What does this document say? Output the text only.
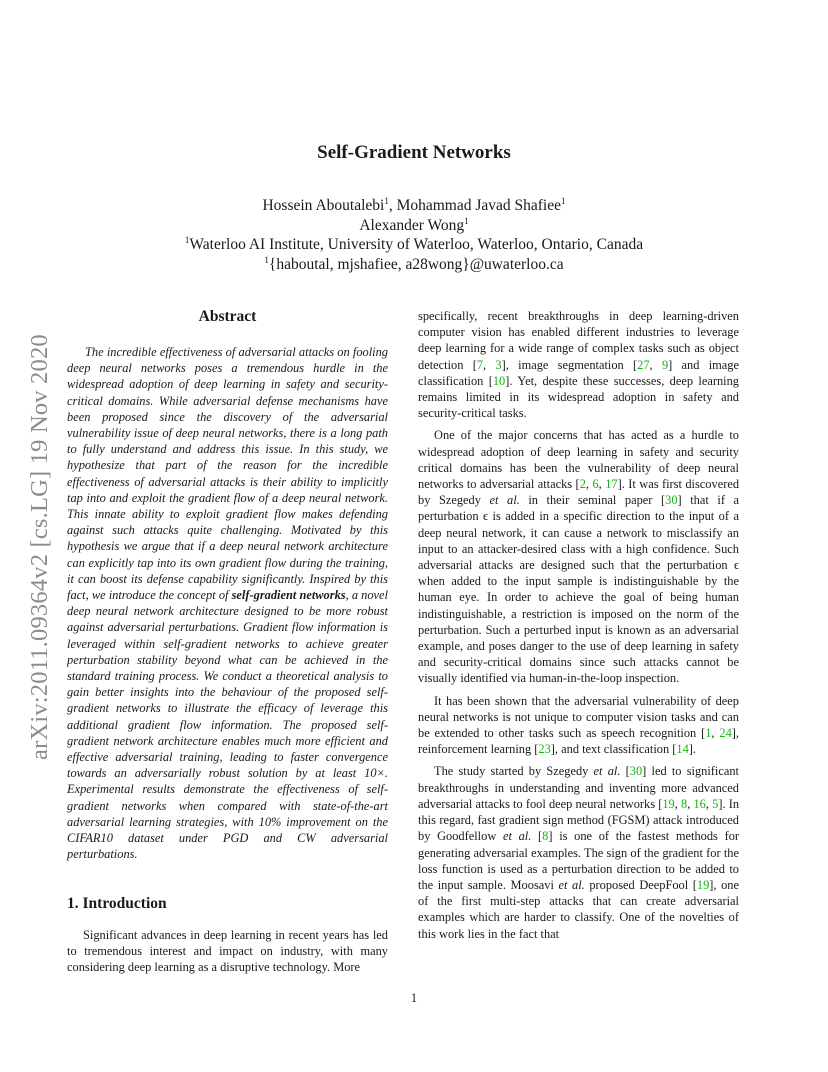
arXiv:2011.09364v2 [cs.LG] 19 Nov 2020
Self-Gradient Networks
Hossein Aboutalebi$^1$, Mohammad Javad Shafiee$^1$
Alexander Wong$^1$
$^1$Waterloo AI Institute, University of Waterloo, Waterloo, Ontario, Canada
$^1${haboutal, mjshafiee, a28wong}@uwaterloo.ca
Abstract

The incredible effectiveness of adversarial attacks on fooling deep neural networks poses a tremendous hurdle in the widespread adoption of deep learning in safety and security-critical domains. While adversarial defense mechanisms have been proposed since the discovery of the adversarial vulnerability issue of deep neural networks, there is a long path to fully understand and address this issue. In this study, we hypothesize that part of the reason for the incredible effectiveness of adversarial attacks is their ability to implicitly tap into and exploit the gradient flow of a deep neural network. This innate ability to exploit gradient flow makes defending against such attacks quite challenging. Motivated by this hypothesis we argue that if a deep neural network architecture can explicitly tap into its own gradient flow during the training, it can boost its defense capability significantly. Inspired by this fact, we introduce the concept of self-gradient networks, a novel deep neural network architecture designed to be more robust against adversarial perturbations. Gradient flow information is leveraged within self-gradient networks to achieve greater perturbation stability beyond what can be achieved in the standard training process. We conduct a theoretical analysis to gain better insights into the behaviour of the proposed self-gradient networks to illustrate the efficacy of leverage this additional gradient flow information. The proposed self-gradient network architecture enables much more efficient and effective adversarial training, leading to faster convergence towards an adversarially robust solution by at least 10×. Experimental results demonstrate the effectiveness of self-gradient networks when compared with state-of-the-art adversarial learning strategies, with 10% improvement on the CIFAR10 dataset under PGD and CW adversarial perturbations.

1. Introduction

Significant advances in deep learning in recent years has led to tremendous interest and impact on industry, with many considering deep learning as a disruptive technology. More

specifically, recent breakthroughs in deep learning-driven computer vision has enabled different industries to leverage deep learning for a wide range of complex tasks such as object detection [7, 3], image segmentation [27, 9] and image classification [10]. Yet, despite these successes, deep learning remains limited in its widespread adoption in safety and security-critical tasks.

One of the major concerns that has acted as a hurdle to widespread adoption of deep learning in safety and security critical domains has been the vulnerability of deep neural networks to adversarial attacks [2, 6, 17]. It was first discovered by Szegedy et al. in their seminal paper [30] that if a perturbation ϵ is added in a specific direction to the input of a deep neural network, it can cause a network to misclassify an input to an attacker-desired class with a high confidence. Such adversarial attacks are designed such that the perturbation ϵ when added to the input sample is indistinguishable by the human eye. In order to achieve the goal of being human indistinguishable, a restriction is imposed on the norm of the perturbation. Such a perturbed input is known as an adversarial example, and poses danger to the use of deep learning in safety and security-critical domains since such attacks cannot be visually identified via human-in-the-loop inspection.

It has been shown that the adversarial vulnerability of deep neural networks is not unique to computer vision tasks and can be extended to other tasks such as speech recognition [1, 24], reinforcement learning [23], and text classification [14].

The study started by Szegedy et al. [30] led to significant breakthroughs in understanding and inventing more advanced adversarial attacks to fool deep neural networks [19, 8, 16, 5]. In this regard, fast gradient sign method (FGSM) attack introduced by Goodfellow et al. [8] is one of the fastest methods for generating adversarial examples. The sign of the gradient for the loss function is used as a perturbation direction to be added to the input sample. Moosavi et al. proposed DeepFool [19], one of the first multi-step attacks that can create adversarial examples which are harder to classify. One of the novelties of this work lies in the fact that

1
